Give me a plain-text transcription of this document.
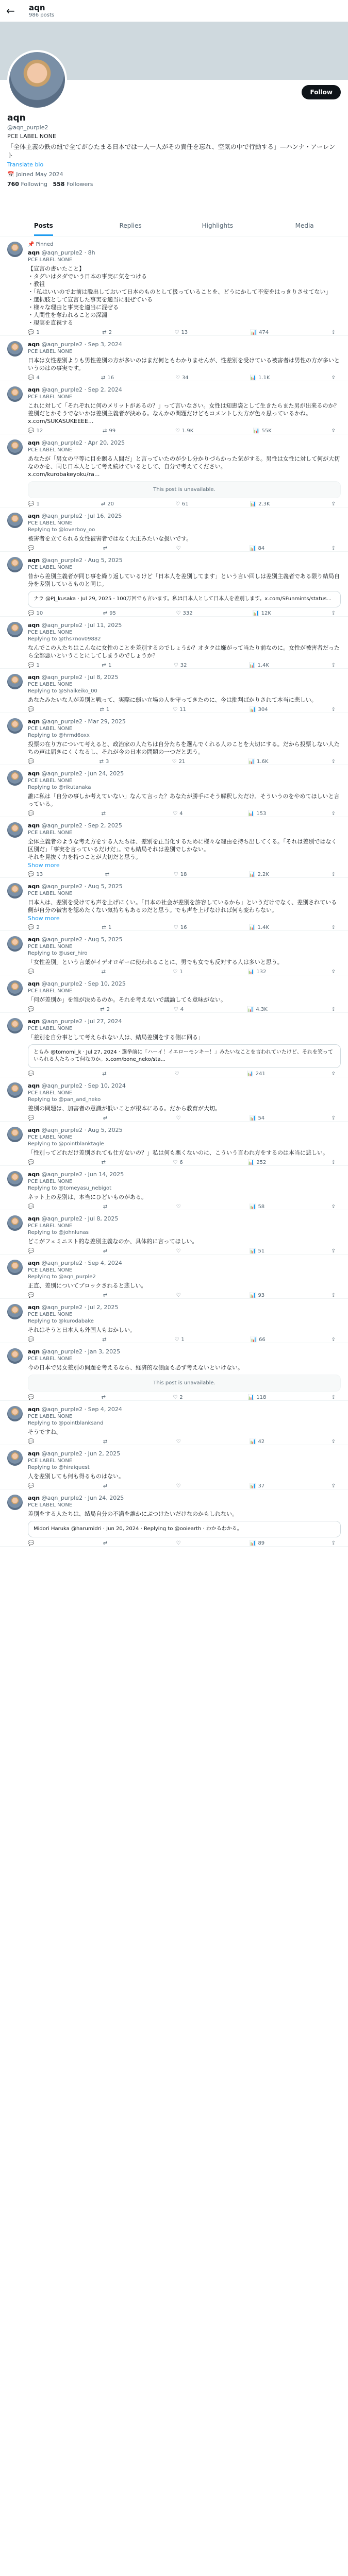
←	aqn
986 posts
Follow
aqn
@aqn_purple2
PCE LABEL NONE
「全体主義の鉄の紐で全てがひたまる日本では一人一人がその責任を忘れ、空気の中で行動する」—ハンナ・アーレント
Translate bio
📅 Joined May 2024
760 Following 558 Followers
Posts	Replies	Highlights	Media
📌 Pinned
aqn @aqn_purple2 · 8h
PCE LABEL NONE
【宣言の書いたこと】
・タグいはタダでいう日本の事実に気をつける
・教祖
・「私はいいのでお前は脱出しておいて日本のものとして扱っていることを、どうにかして不安をはっきりさせてない」
・選択肢として宣言した事実を適当に混ぜている
・様々な理由と事実を適当に混ぜる
・人間性を奪われることの深淵
・現実を直視する
💬 1	⇄ 2	♡ 13	📊 474	⇪
aqn @aqn_purple2 · Sep 3, 2024
PCE LABEL NONE
日本は女性差別よりも男性差別の方が多いのはまだ何ともわかりませんが、性差別を受けている被害者は男性の方が多いというのはの事実です。
💬 4	⇄ 16	♡ 34	📊 1.1K	⇪
aqn @aqn_purple2 · Sep 2, 2024
PCE LABEL NONE
これに対して「それぞれに何のメリットがあるの？」って言いなさい。女性は知恵袋として生きたらまた男が出来るのか？差別だとかそうでないかは差別主義者が決める。なんかの問題だけどもコメントした方が色々思っているかね。
x.com/SUKASUKEEEE...
💬 12	⇄ 99	♡ 1.9K	📊 55K	⇪
aqn @aqn_purple2 · Apr 20, 2025
PCE LABEL NONE
あなたが「男女の平等に目を瞑る人間だ」と言っていたのが少し分かりづらかった気がする。男性は女性に対して何が大切なのかを、同じ日本人として考え続けているとして、自分で考えてください。
x.com/kurobakeyoku/ra...
This post is unavailable.
💬 1	⇄ 20	♡ 61	📊 2.3K	⇪
aqn @aqn_purple2 · Jul 16, 2025
PCE LABEL NONE
Replying to @loverboy_oo
被害者を立てられる女性被害者ではなく大正みたいな扱いです。
💬	⇄	♡	📊 84	⇪
aqn @aqn_purple2 · Aug 5, 2025
PCE LABEL NONE
昔から差別主義者が同じ事を繰り返しているけど「日本人を差別してます」という言い回しは差別主義者である限り結局自分を差別しているものと同じ。
ナラ @PJ_kusaka · Jul 29, 2025 · 100万回でも言います。私は日本人として日本人を差別します。x.com/SFunmints/status...
💬 10	⇄ 95	♡ 332	📊 12K	⇪
aqn @aqn_purple2 · Jul 11, 2025
PCE LABEL NONE
Replying to @ths7nov09882
なんでこの人たちはこんなに女性のことを差別するのでしょうか？オタクは嫌がって当たり前なのに。女性が被害者だったら全部悪いということにしてしまうのでしょうか？
💬 1	⇄ 1	♡ 32	📊 1.4K	⇪
aqn @aqn_purple2 · Jul 8, 2025
PCE LABEL NONE
Replying to @Shaikeiko_00
あなたみたいな人が差別と戦って、実際に弱い立場の人を守ってきたのに、今は批判ばかりされて本当に悲しい。
💬	⇄ 1	♡ 11	📊 304	⇪
aqn @aqn_purple2 · Mar 29, 2025
PCE LABEL NONE
Replying to @hrmd6oxx
投票の在り方について考えると、政治家の人たちは自分たちを選んでくれる人のことを大切にする。だから投票しない人たちの声は届きにくくなるし、それが今の日本の問題の一つだと思う。
💬	⇄ 3	♡ 21	📊 1.6K	⇪
aqn @aqn_purple2 · Jun 24, 2025
PCE LABEL NONE
Replying to @rikutanaka
誰に私は「自分の事しか考えていない」なんて言った？あなたが勝手にそう解釈しただけ。そういうのをやめてほしいと言っている。
💬	⇄	♡ 4	📊 153	⇪
aqn @aqn_purple2 · Sep 2, 2025
PCE LABEL NONE
全体主義者のような考え方をする人たちは、差別を正当化するために様々な理由を持ち出してくる。「それは差別ではなく区別だ」「事実を言っているだけだ」。でも結局それは差別でしかない。
それを見抜く力を持つことが大切だと思う。
Show more
💬 13	⇄	♡ 18	📊 2.2K	⇪
aqn @aqn_purple2 · Aug 5, 2025
PCE LABEL NONE
日本人は、差別を受けても声を上げにくい。「日本の社会が差別を許容しているから」というだけでなく、差別されている側が自分の被害を認めたくない気持ちもあるのだと思う。でも声を上げなければ何も変わらない。
Show more
💬 2	⇄ 1	♡ 16	📊 1.4K	⇪
aqn @aqn_purple2 · Aug 5, 2025
PCE LABEL NONE
Replying to @user_hiro
「女性差別」という言葉がイデオロギーに使われることに、男でも女でも反対する人は多いと思う。
💬	⇄	♡ 1	📊 132	⇪
aqn @aqn_purple2 · Sep 10, 2025
PCE LABEL NONE
「何が差別か」を誰が決めるのか。それを考えないで議論しても意味がない。
💬	⇄ 2	♡ 4	📊 4.3K	⇪
aqn @aqn_purple2 · Jul 27, 2024
PCE LABEL NONE
「差別を自分事として考えられない人は、結局差別をする側に回る」
ともみ @tomomi_k · Jul 27, 2024 · 選挙前に「ハーイ！イエローモンキー！」みたいなことを言われていたけど、それを笑っていられる人たちって何なのか。x.com/bone_neko/sta...
💬	⇄	♡	📊 241	⇪
aqn @aqn_purple2 · Sep 10, 2024
PCE LABEL NONE
Replying to @pan_and_neko
差別の問題は、加害者の意識が低いことが根本にある。だから教育が大切。
💬	⇄	♡	📊 54	⇪
aqn @aqn_purple2 · Aug 5, 2025
PCE LABEL NONE
Replying to @pointblanktagle
「性別ってどれだけ差別されても仕方ないの？」私は何も悪くないのに、こういう言われ方をするのは本当に悲しい。
💬	⇄	♡ 6	📊 252	⇪
aqn @aqn_purple2 · Jun 14, 2025
PCE LABEL NONE
Replying to @tomeyasu_nebigot
ネット上の差別は、本当にひどいものがある。
💬	⇄	♡	📊 58	⇪
aqn @aqn_purple2 · Jul 8, 2025
PCE LABEL NONE
Replying to @johnlunas
どこがフェミニスト的な差別主義なのか、具体的に言ってほしい。
💬	⇄	♡	📊 51	⇪
aqn @aqn_purple2 · Sep 4, 2024
PCE LABEL NONE
Replying to @aqn_purple2
正直、差別についてブロックされると悲しい。
💬	⇄	♡	📊 93	⇪
aqn @aqn_purple2 · Jul 2, 2025
PCE LABEL NONE
Replying to @kurodabake
それはそうと日本人も外国人もおかしい。
💬	⇄	♡ 1	📊 66	⇪
aqn @aqn_purple2 · Jan 3, 2025
PCE LABEL NONE
今の日本で男女差別の問題を考えるなら、経済的な側面も必ず考えないといけない。
This post is unavailable.
💬	⇄	♡ 2	📊 118	⇪
aqn @aqn_purple2 · Sep 4, 2024
PCE LABEL NONE
Replying to @pointblanksand
そうですね。
💬	⇄	♡	📊 42	⇪
aqn @aqn_purple2 · Jun 2, 2025
PCE LABEL NONE
Replying to @hiraiquest
人を差別しても何も得るものはない。
💬	⇄	♡	📊 37	⇪
aqn @aqn_purple2 · Jun 24, 2025
PCE LABEL NONE
差別をする人たちは、結局自分の不満を誰かにぶつけたいだけなのかもしれない。
Midori Haruka @harumidri · Jun 20, 2024 · Replying to @ooiearth · わかるわかる。
💬	⇄	♡	📊 89	⇪
